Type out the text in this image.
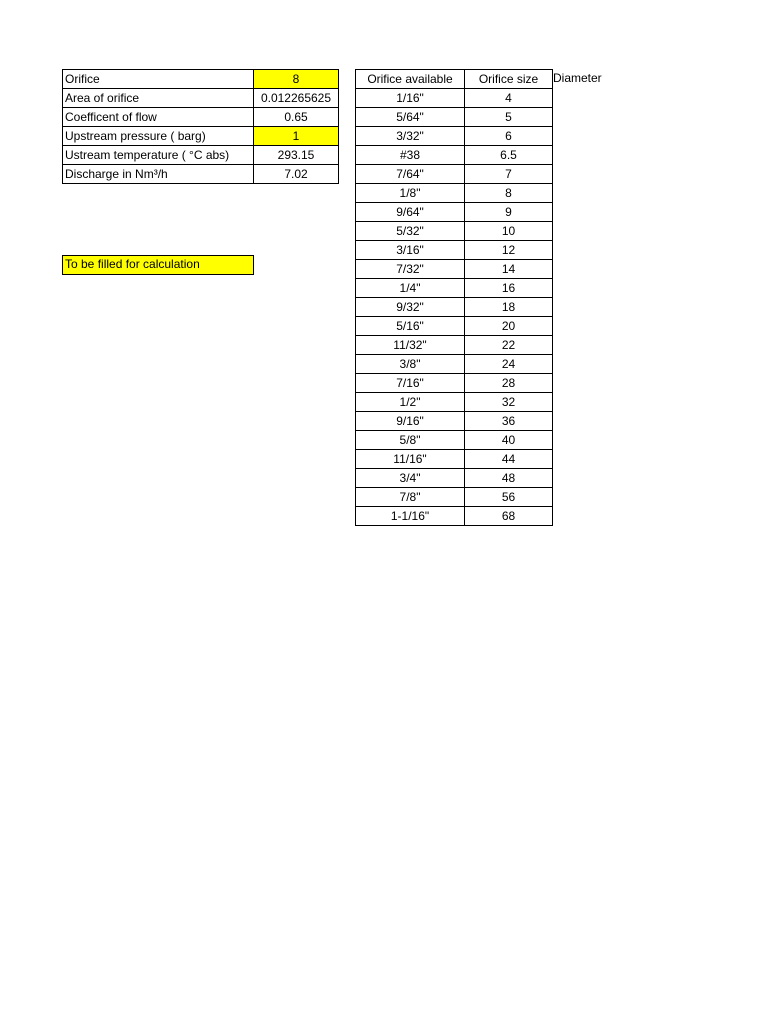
Orifice	8
Area of orifice	0.012265625
Coefficent of flow	0.65
Upstream pressure ( barg)	1
Ustream temperature ( °C abs)	293.15
Discharge in Nm³/h	7.02
To be filled for calculation
Orifice available	Orifice size
1/16"	4
5/64"	5
3/32"	6
#38	6.5
7/64"	7
1/8"	8
9/64"	9
5/32"	10
3/16"	12
7/32"	14
1/4"	16
9/32"	18
5/16"	20
11/32"	22
3/8"	24
7/16"	28
1/2"	32
9/16"	36
5/8"	40
11/16"	44
3/4"	48
7/8"	56
1-1/16"	68
Diameter
